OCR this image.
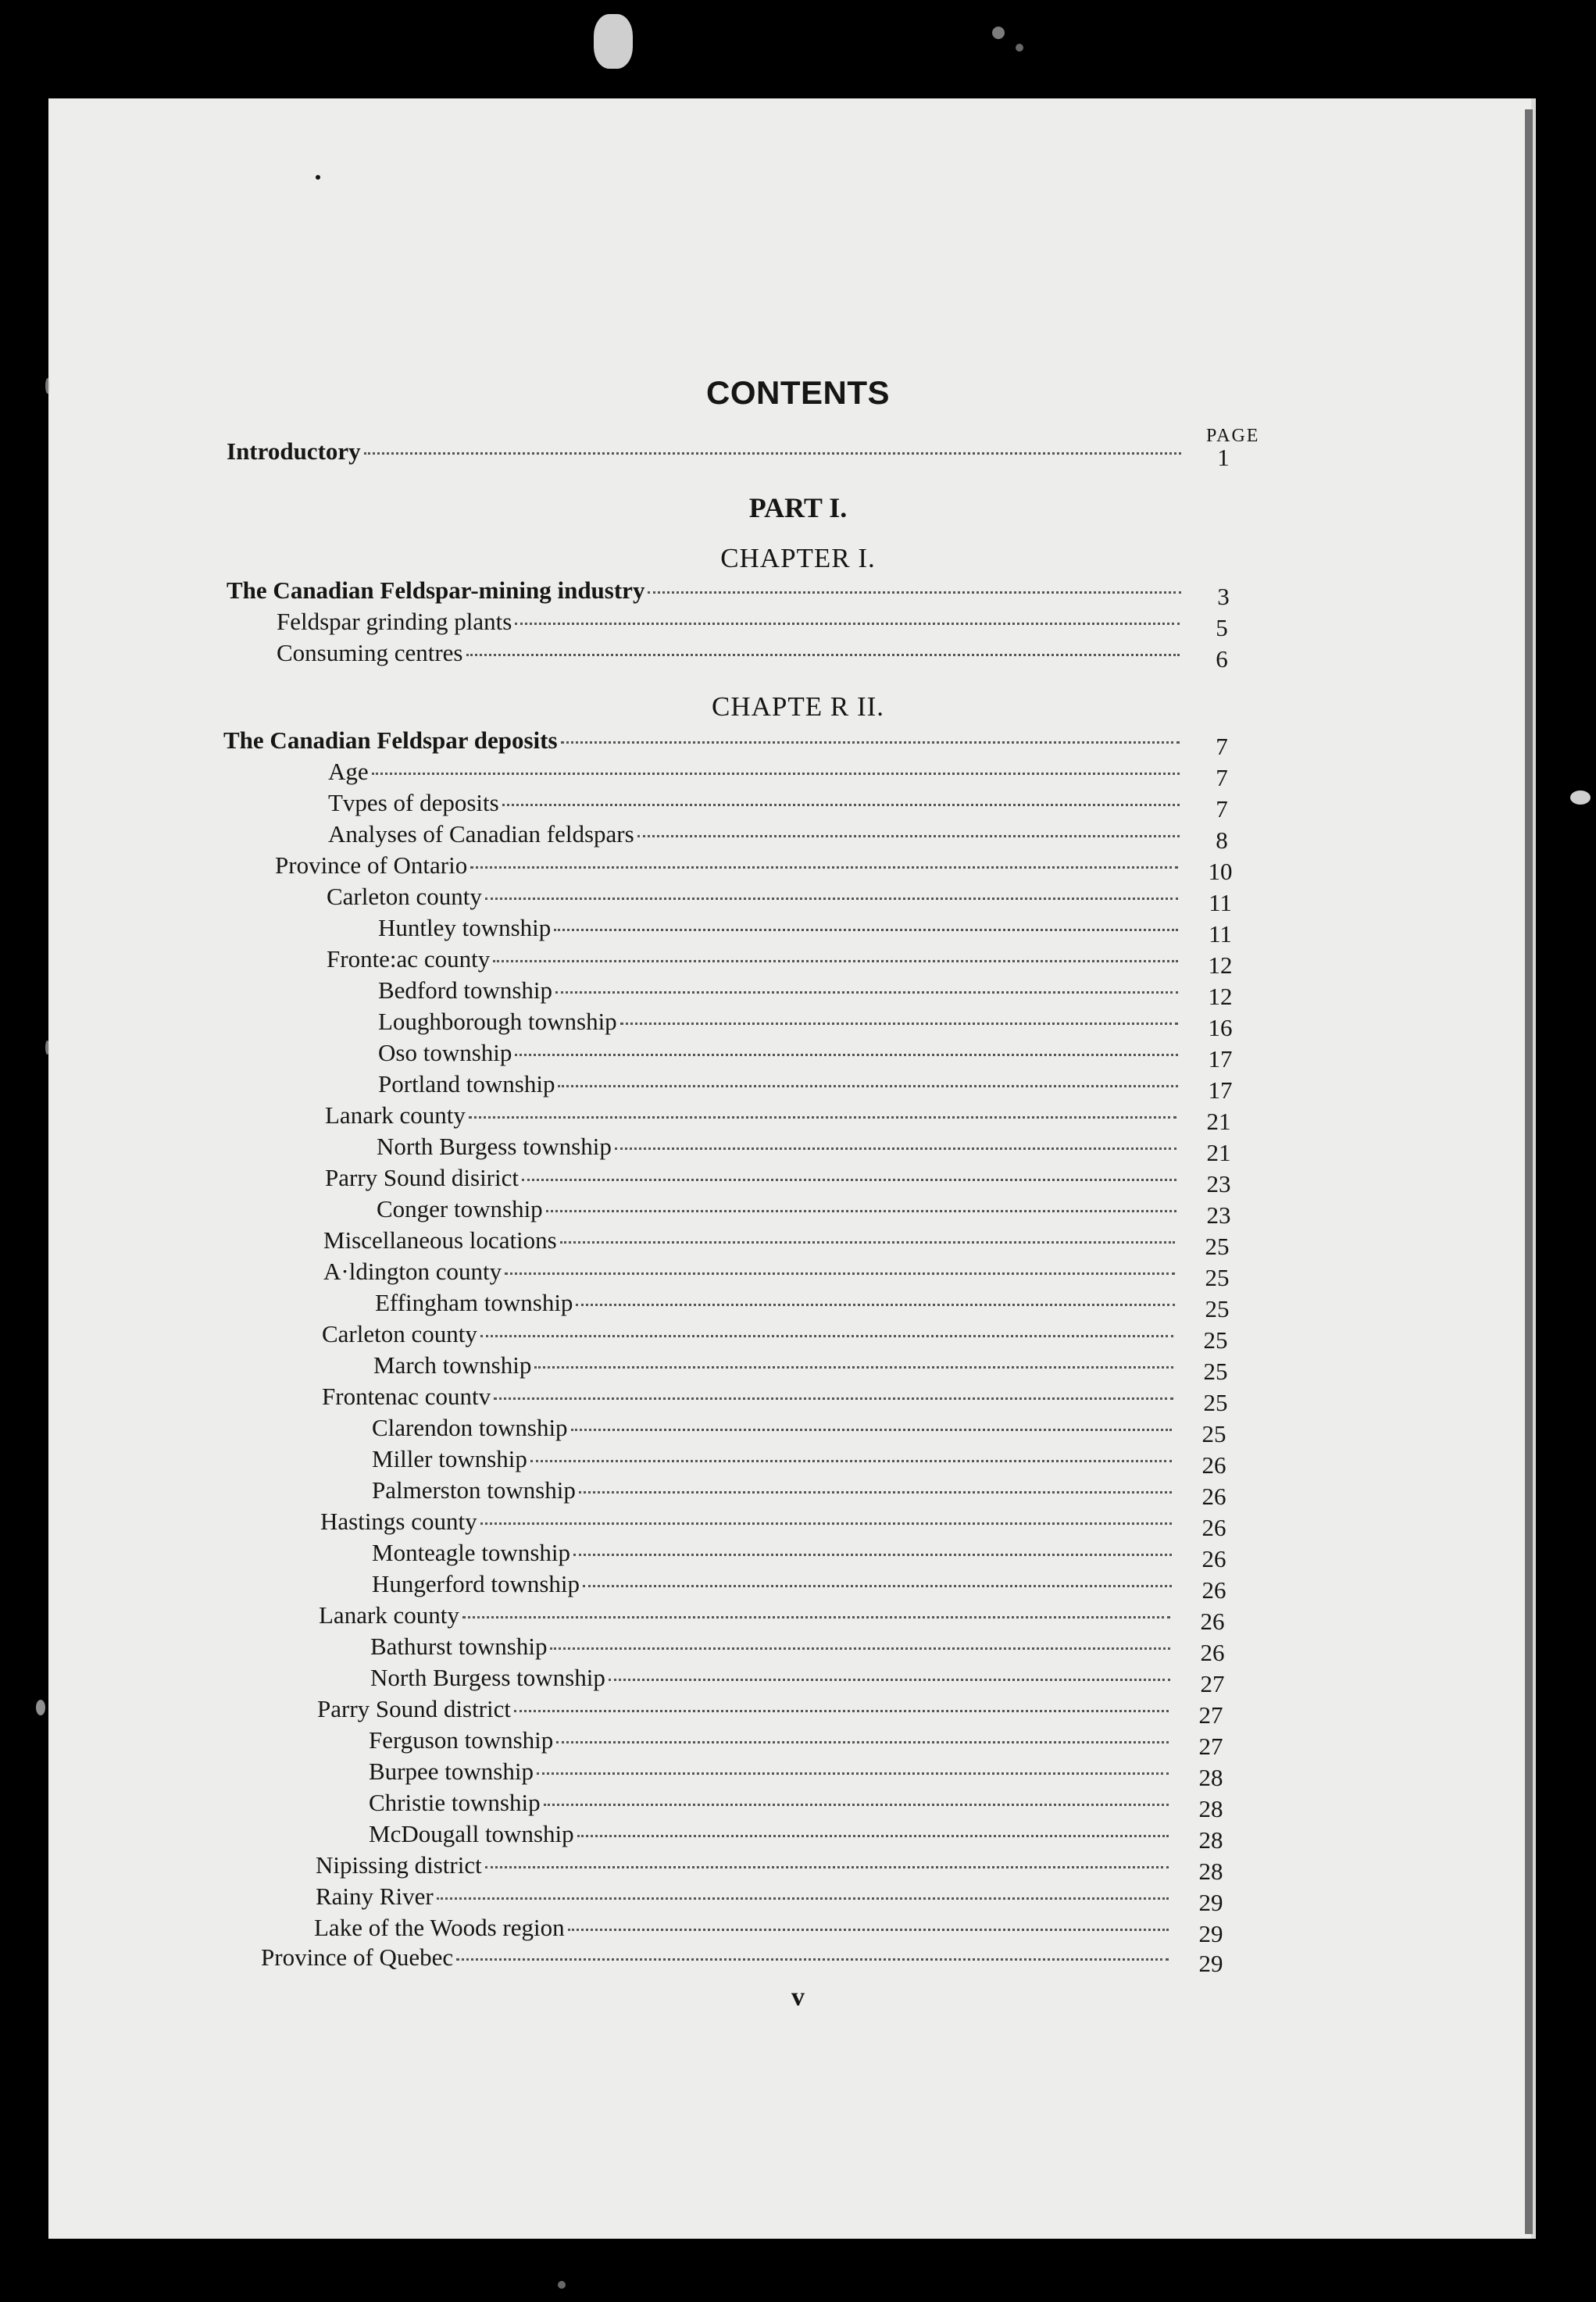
CONTENTS
PAGE
PART I.
CHAPTER I.
CHAPTE R II.
Introductory	1
The Canadian Feldspar-mining industry	3
Feldspar grinding plants	5
Consuming centres	6
The Canadian Feldspar deposits	7
Age	7
Tvpes of deposits	7
Analyses of Canadian feldspars	8
Province of Ontario	10
Carleton county	11
Huntley township	11
Fronte:ac county	12
Bedford township	12
Loughborough township	16
Oso township	17
Portland township	17
Lanark county	21
North Burgess township	21
Parry Sound disirict	23
Conger township	23
Miscellaneous locations	25
A·ldington county	25
Effingham township	25
Carleton county	25
March township	25
Frontenac countv	25
Clarendon township	25
Miller township	26
Palmerston township	26
Hastings county	26
Monteagle township	26
Hungerford township	26
Lanark county	26
Bathurst township	26
North Burgess township	27
Parry Sound district	27
Ferguson township	27
Burpee township	28
Christie township	28
McDougall township	28
Nipissing district	28
Rainy River	29
Lake of the Woods region	29
Province of Quebec	29
v
